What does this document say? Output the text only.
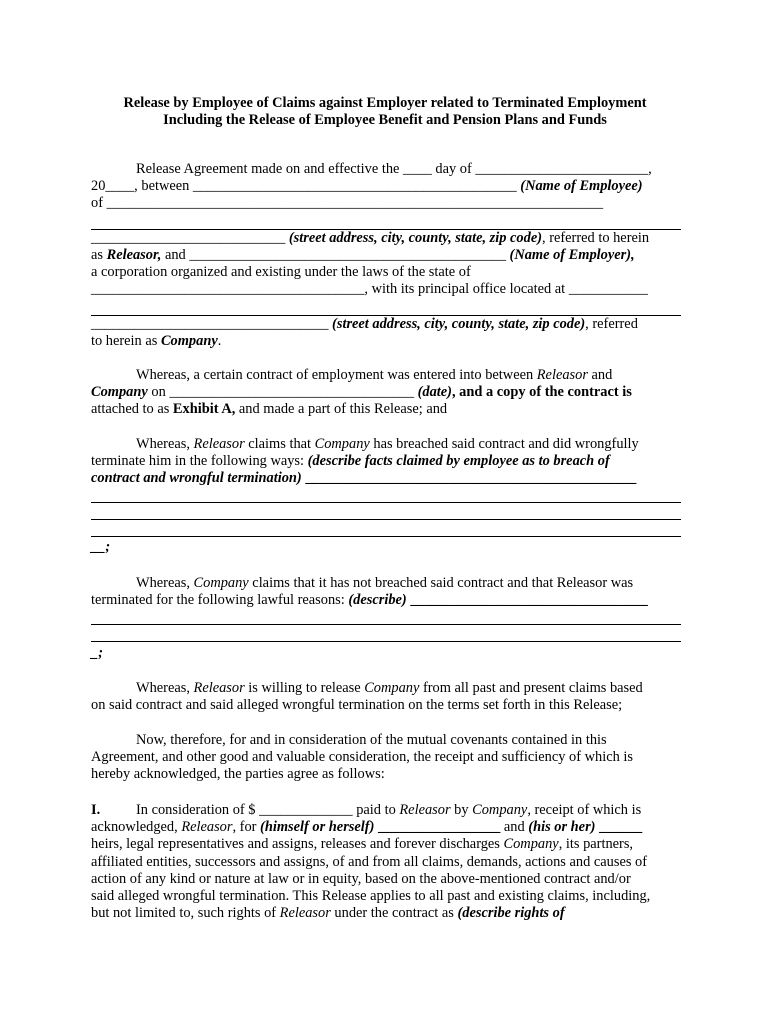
Release by Employee of Claims against Employer related to Terminated Employment
Including the Release of Employee Benefit and Pension Plans and Funds
Release Agreement made on and effective the ____ day of ________________________,
20____, between _____________________________________________ (Name of Employee)
of _____________________________________________________________________
___________________________ (street address, city, county, state, zip code), referred to herein
as Releasor, and ____________________________________________ (Name of Employer),
a corporation organized and existing under the laws of the state of
______________________________________, with its principal office located at ___________
_________________________________ (street address, city, county, state, zip code), referred
to herein as Company.
Whereas, a certain contract of employment was entered into between Releasor and
Company on __________________________________ (date), and a copy of the contract is
attached to as Exhibit A, and made a part of this Release; and
Whereas, Releasor claims that Company has breached said contract and did wrongfully
terminate him in the following ways: (describe facts claimed by employee as to breach of
contract and wrongful termination) ______________________________________________
__;
Whereas, Company claims that it has not breached said contract and that Releasor was
terminated for the following lawful reasons: (describe) _________________________________
_;
Whereas, Releasor is willing to release Company from all past and present claims based
on said contract and said alleged wrongful termination on the terms set forth in this Release;
Now, therefore, for and in consideration of the mutual covenants contained in this
Agreement, and other good and valuable consideration, the receipt and sufficiency of which is
hereby acknowledged, the parties agree as follows:
I. In consideration of $ _____________ paid to Releasor by Company, receipt of which is
acknowledged, Releasor, for (himself or herself) _________________ and (his or her) ______
heirs, legal representatives and assigns, releases and forever discharges Company, its partners,
affiliated entities, successors and assigns, of and from all claims, demands, actions and causes of
action of any kind or nature at law or in equity, based on the above-mentioned contract and/or
said alleged wrongful termination. This Release applies to all past and existing claims, including,
but not limited to, such rights of Releasor under the contract as (describe rights of
